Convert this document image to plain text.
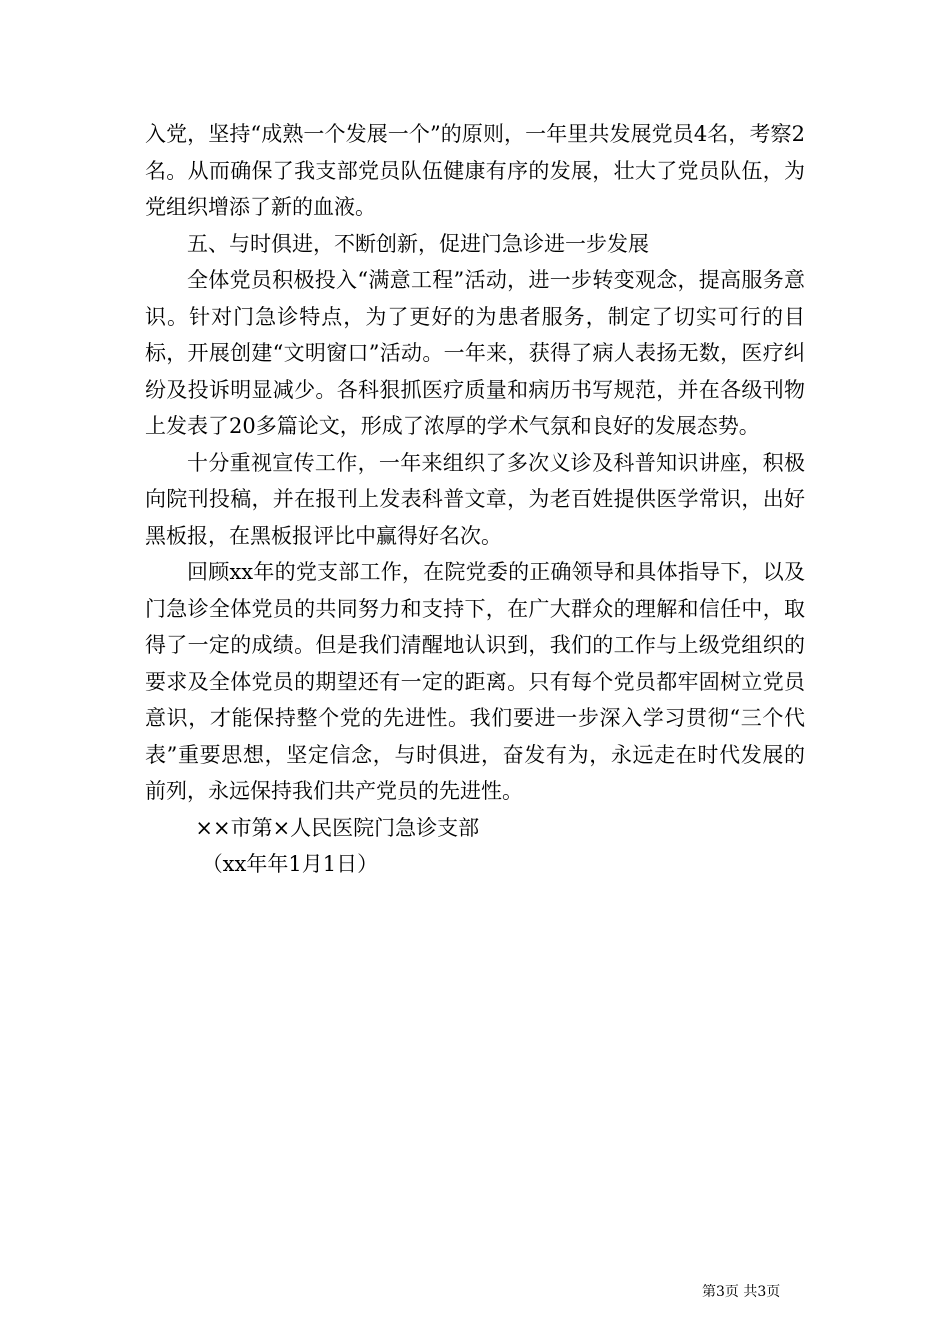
入党，坚持“成熟一个发展一个”的原则，一年里共发展党员4名，考察2名。从而确保了我支部党员队伍健康有序的发展，壮大了党员队伍，为党组织增添了新的血液。

五、与时俱进，不断创新，促进门急诊进一步发展

全体党员积极投入“满意工程”活动，进一步转变观念，提高服务意识。针对门急诊特点，为了更好的为患者服务，制定了切实可行的目标，开展创建“文明窗口”活动。一年来，获得了病人表扬无数，医疗纠纷及投诉明显减少。各科狠抓医疗质量和病历书写规范，并在各级刊物上发表了20多篇论文，形成了浓厚的学术气氛和良好的发展态势。

十分重视宣传工作，一年来组织了多次义诊及科普知识讲座，积极向院刊投稿，并在报刊上发表科普文章，为老百姓提供医学常识，出好黑板报，在黑板报评比中赢得好名次。

回顾xx年的党支部工作，在院党委的正确领导和具体指导下，以及门急诊全体党员的共同努力和支持下，在广大群众的理解和信任中，取得了一定的成绩。但是我们清醒地认识到，我们的工作与上级党组织的要求及全体党员的期望还有一定的距离。只有每个党员都牢固树立党员意识，才能保持整个党的先进性。我们要进一步深入学习贯彻“三个代表”重要思想，坚定信念，与时俱进，奋发有为，永远走在时代发展的前列，永远保持我们共产党员的先进性。

××市第×人民医院门急诊支部

（xx年年1月1日）

第3页 共3页
